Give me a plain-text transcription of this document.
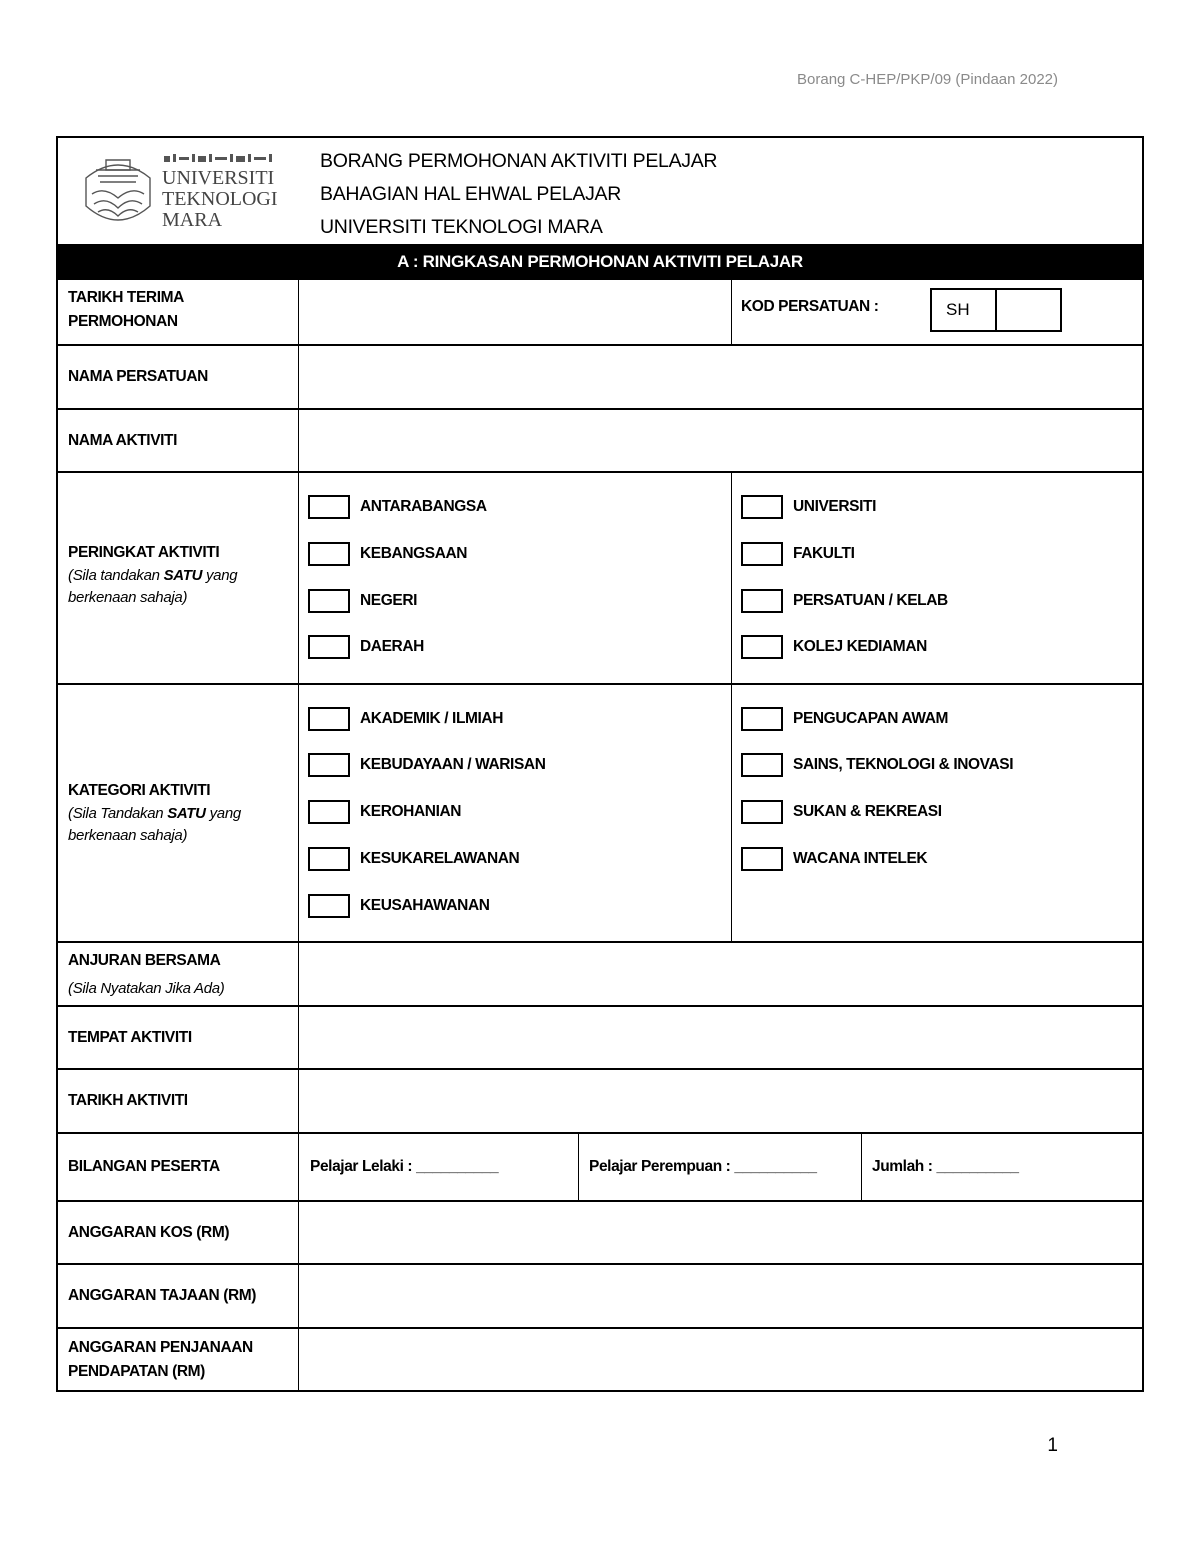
Borang C-HEP/PKP/09 (Pindaan 2022)
UNIVERSITI
TEKNOLOGI
MARA
BORANG PERMOHONAN AKTIVITI PELAJAR
BAHAGIAN HAL EHWAL PELAJAR
UNIVERSITI TEKNOLOGI MARA
A : RINGKASAN PERMOHONAN AKTIVITI PELAJAR
TARIKH TERIMA PERMOHONAN
KOD PERSATUAN :	SH
NAMA PERSATUAN
NAMA AKTIVITI
PERINGKAT AKTIVITI
(Sila tandakan SATU yang berkenaan sahaja)
ANTARABANGSA
KEBANGSAAN
NEGERI
DAERAH
UNIVERSITI
FAKULTI
PERSATUAN / KELAB
KOLEJ KEDIAMAN
KATEGORI AKTIVITI
(Sila Tandakan SATU yang berkenaan sahaja)
AKADEMIK / ILMIAH
KEBUDAYAAN / WARISAN
KEROHANIAN
KESUKARELAWANAN
KEUSAHAWANAN
PENGUCAPAN AWAM
SAINS, TEKNOLOGI & INOVASI
SUKAN & REKREASI
WACANA INTELEK
ANJURAN BERSAMA
(Sila Nyatakan Jika Ada)
TEMPAT AKTIVITI
TARIKH AKTIVITI
BILANGAN PESERTA	Pelajar Lelaki : __________	Pelajar Perempuan : __________	Jumlah : __________
ANGGARAN KOS (RM)
ANGGARAN TAJAAN (RM)
ANGGARAN PENJANAAN PENDAPATAN (RM)
1
